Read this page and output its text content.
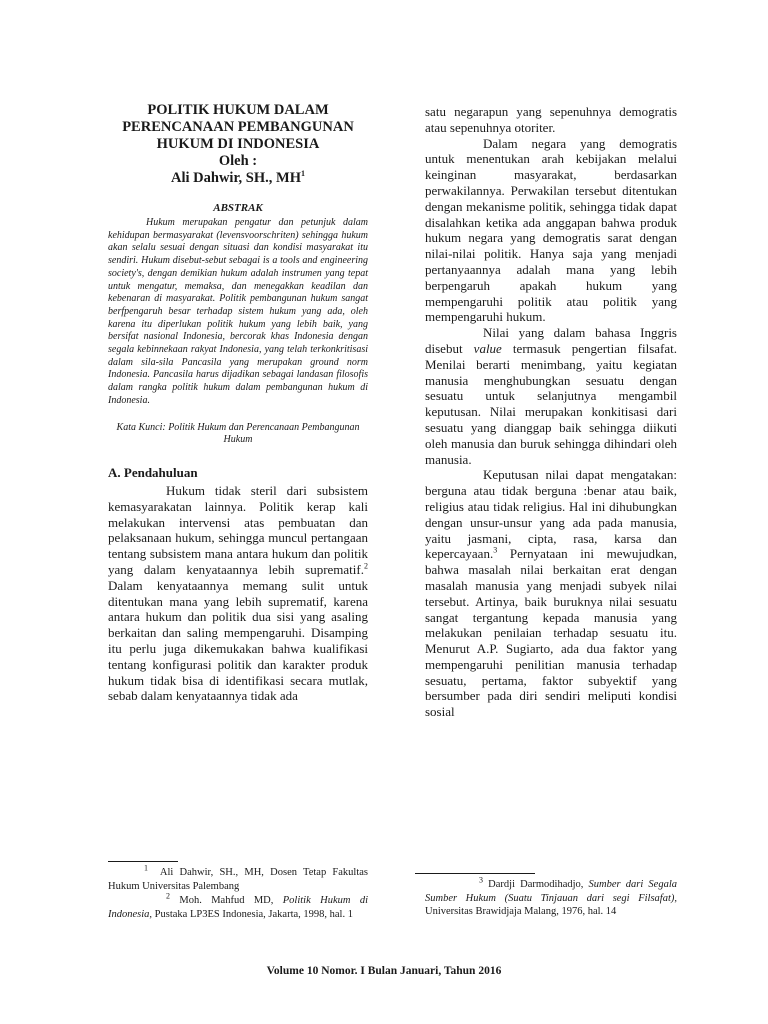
POLITIK HUKUM DALAM

PERENCANAAN PEMBANGUNAN

HUKUM DI INDONESIA

Oleh :

Ali Dahwir, SH., $MH^1$

ABSTRAK

Hukum merupakan pengatur dan petunjuk dalam kehidupan bermasyarakat (levensvoorschriten) sehingga hukum akan selalu sesuai dengan situasi dan kondisi masyarakat itu sendiri. Hukum disebut-sebut sebagai is a tools and engineering society's, dengan demikian hukum adalah instrumen yang tepat untuk mengatur, memaksa, dan menegakkan keadilan dan kebenaran di masyarakat. Politik pembangunan hukum sangat berfpengaruh besar terhadap sistem hukum yang ada, oleh karena itu diperlukan politik hukum yang lebih baik, yang bersifat nasional Indonesia, bercorak khas Indonesia dengan segala kebinnekaan rakyat Indonesia, yang telah terkonkritisasi dalam sila-sila Pancasila yang merupakan ground norm Indonesia. Pancasila harus dijadikan sebagai landasan filosofis dalam rangka politik hukum dalam pembangunan hukum di Indonesia.

Kata Kunci: Politik Hukum dan Perencanaan Pembangunan Hukum

A. Pendahuluan

Hukum tidak steril dari subsistem kemasyarakatan lainnya. Politik kerap kali melakukan intervensi atas pembuatan dan pelaksanaan hukum, sehingga muncul pertangaan tentang subsistem mana antara hukum dan politik yang dalam kenyataannya lebih suprematif.$^2$ Dalam kenyataannya memang sulit untuk ditentukan mana yang lebih suprematif, karena antara hukum dan politik dua sisi yang asaling berkaitan dan saling mempengaruhi. Disamping itu perlu juga dikemukakan bahwa kualifikasi tentang konfigurasi politik dan karakter produk hukum tidak bisa di identifikasi secara mutlak, sebab dalam kenyataannya tidak ada

satu negarapun yang sepenuhnya demogratis atau sepenuhnya otoriter.

Dalam negara yang demogratis untuk menentukan arah kebijakan melalui keinginan masyarakat, berdasarkan perwakilannya. Perwakilan tersebut ditentukan dengan mekanisme politik, sehingga tidak dapat disalahkan ketika ada anggapan bahwa produk hukum negara yang demogratis sarat dengan nilai-nilai politik. Hanya saja yang menjadi pertanyaannya adalah mana yang lebih berpengaruh apakah hukum yang mempengaruhi politik atau politik yang mempengaruhi hukum.

Nilai yang dalam bahasa Inggris disebut value termasuk pengertian filsafat. Menilai berarti menimbang, yaitu kegiatan manusia menghubungkan sesuatu dengan sesuatu untuk selanjutnya mengambil keputusan. Nilai merupakan konkitisasi dari sesuatu yang dianggap baik sehingga diikuti oleh manusia dan buruk sehingga dihindari oleh manusia.

Keputusan nilai dapat mengatakan: berguna atau tidak berguna :benar atau baik, religius atau tidak religius. Hal ini dihubungkan dengan unsur-unsur yang ada pada manusia, yaitu jasmani, cipta, rasa, karsa dan kepercayaan.$^3$ Pernyataan ini mewujudkan, bahwa masalah nilai berkaitan erat dengan masalah manusia yang menjadi subyek nilai tersebut. Artinya, baik buruknya nilai sesuatu sangat tergantung kepada manusia yang melakukan penilaian terhadap sesuatu itu. Menurut A.P. Sugiarto, ada dua faktor yang mempengaruhi penilitian manusia terhadap sesuatu, pertama, faktor subyektif yang bersumber pada diri sendiri meliputi kondisi sosial

$^1$ Ali Dahwir, SH., MH, Dosen Tetap Fakultas Hukum Universitas Palembang
$^2$ Moh. Mahfud MD, Politik Hukum di Indonesia, Pustaka LP3ES Indonesia, Jakarta, 1998, hal. 1
$^3$ Dardji Darmodihadjo, Sumber dari Segala Sumber Hukum (Suatu Tinjauan dari segi Filsafat), Universitas Brawidjaja Malang, 1976, hal. 14
Volume 10 Nomor. I Bulan Januari, Tahun 2016
